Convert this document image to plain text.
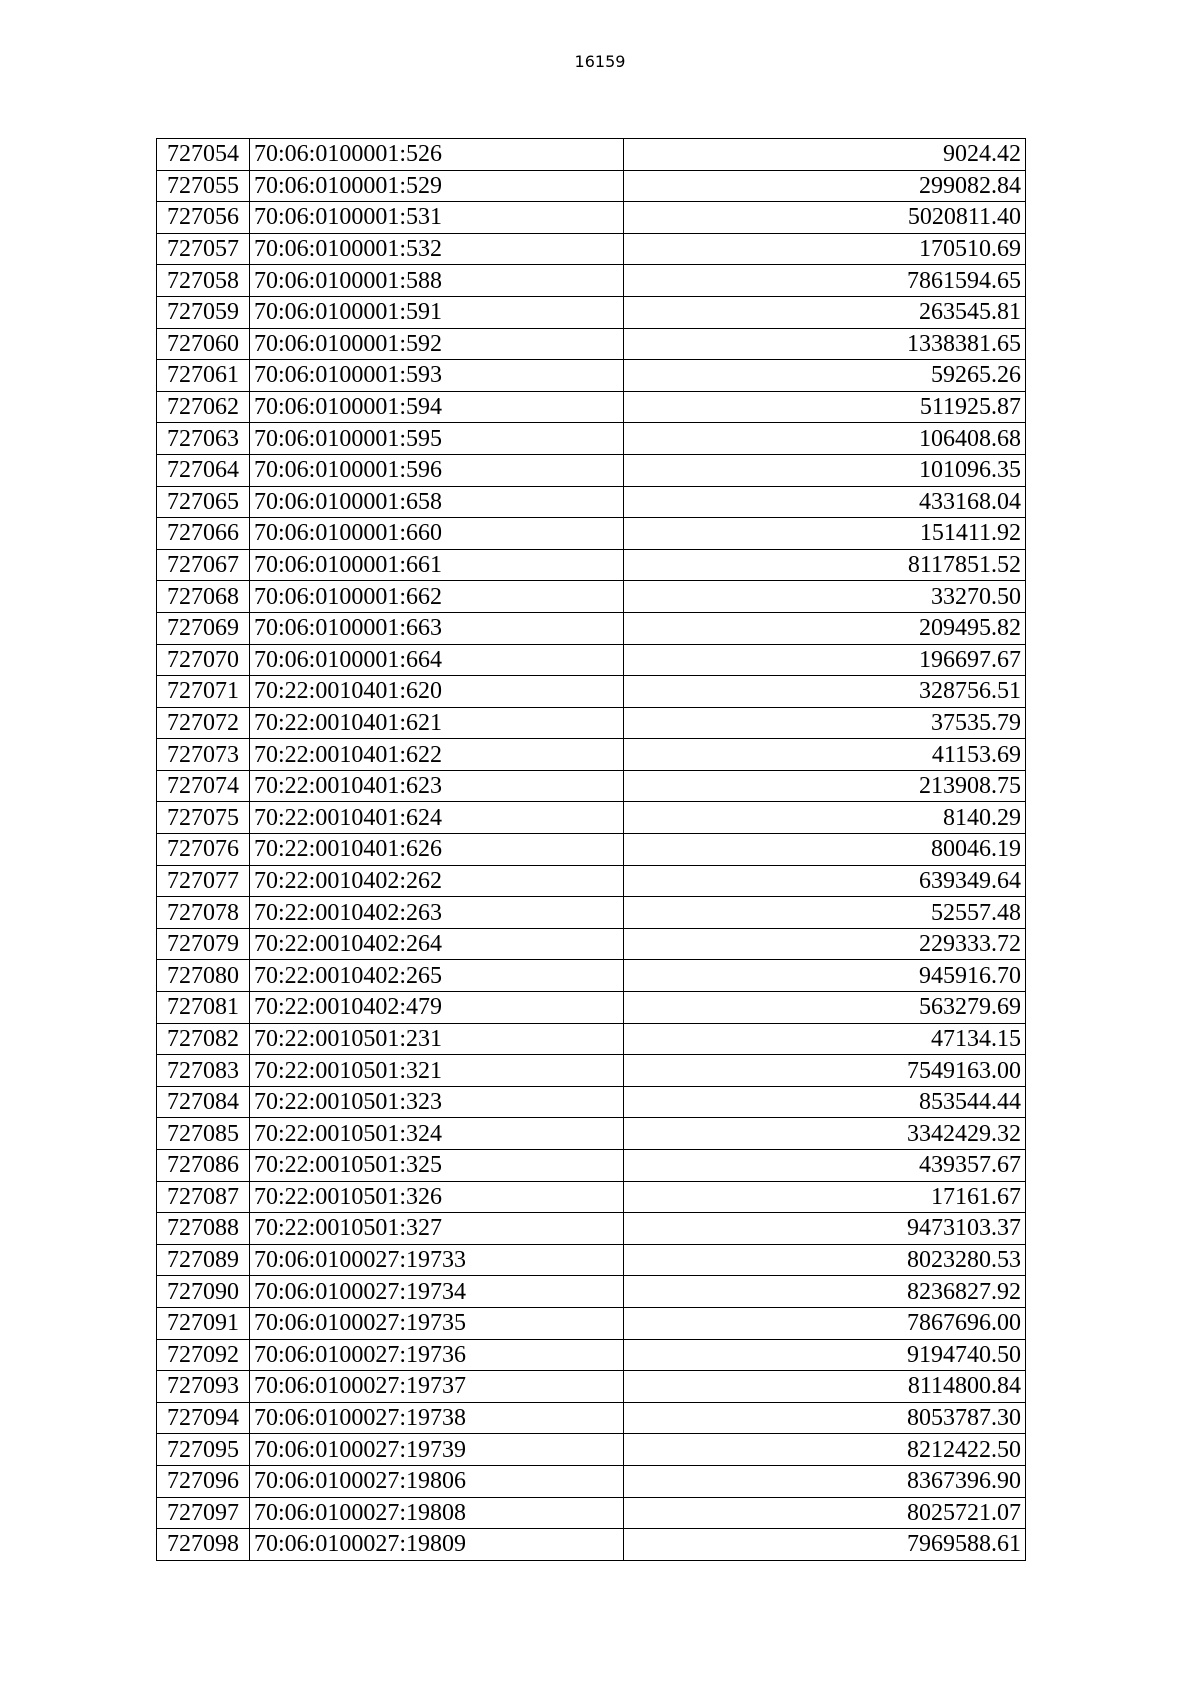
16159
727054	70:06:0100001:526	9024.42
727055	70:06:0100001:529	299082.84
727056	70:06:0100001:531	5020811.40
727057	70:06:0100001:532	170510.69
727058	70:06:0100001:588	7861594.65
727059	70:06:0100001:591	263545.81
727060	70:06:0100001:592	1338381.65
727061	70:06:0100001:593	59265.26
727062	70:06:0100001:594	511925.87
727063	70:06:0100001:595	106408.68
727064	70:06:0100001:596	101096.35
727065	70:06:0100001:658	433168.04
727066	70:06:0100001:660	151411.92
727067	70:06:0100001:661	8117851.52
727068	70:06:0100001:662	33270.50
727069	70:06:0100001:663	209495.82
727070	70:06:0100001:664	196697.67
727071	70:22:0010401:620	328756.51
727072	70:22:0010401:621	37535.79
727073	70:22:0010401:622	41153.69
727074	70:22:0010401:623	213908.75
727075	70:22:0010401:624	8140.29
727076	70:22:0010401:626	80046.19
727077	70:22:0010402:262	639349.64
727078	70:22:0010402:263	52557.48
727079	70:22:0010402:264	229333.72
727080	70:22:0010402:265	945916.70
727081	70:22:0010402:479	563279.69
727082	70:22:0010501:231	47134.15
727083	70:22:0010501:321	7549163.00
727084	70:22:0010501:323	853544.44
727085	70:22:0010501:324	3342429.32
727086	70:22:0010501:325	439357.67
727087	70:22:0010501:326	17161.67
727088	70:22:0010501:327	9473103.37
727089	70:06:0100027:19733	8023280.53
727090	70:06:0100027:19734	8236827.92
727091	70:06:0100027:19735	7867696.00
727092	70:06:0100027:19736	9194740.50
727093	70:06:0100027:19737	8114800.84
727094	70:06:0100027:19738	8053787.30
727095	70:06:0100027:19739	8212422.50
727096	70:06:0100027:19806	8367396.90
727097	70:06:0100027:19808	8025721.07
727098	70:06:0100027:19809	7969588.61
